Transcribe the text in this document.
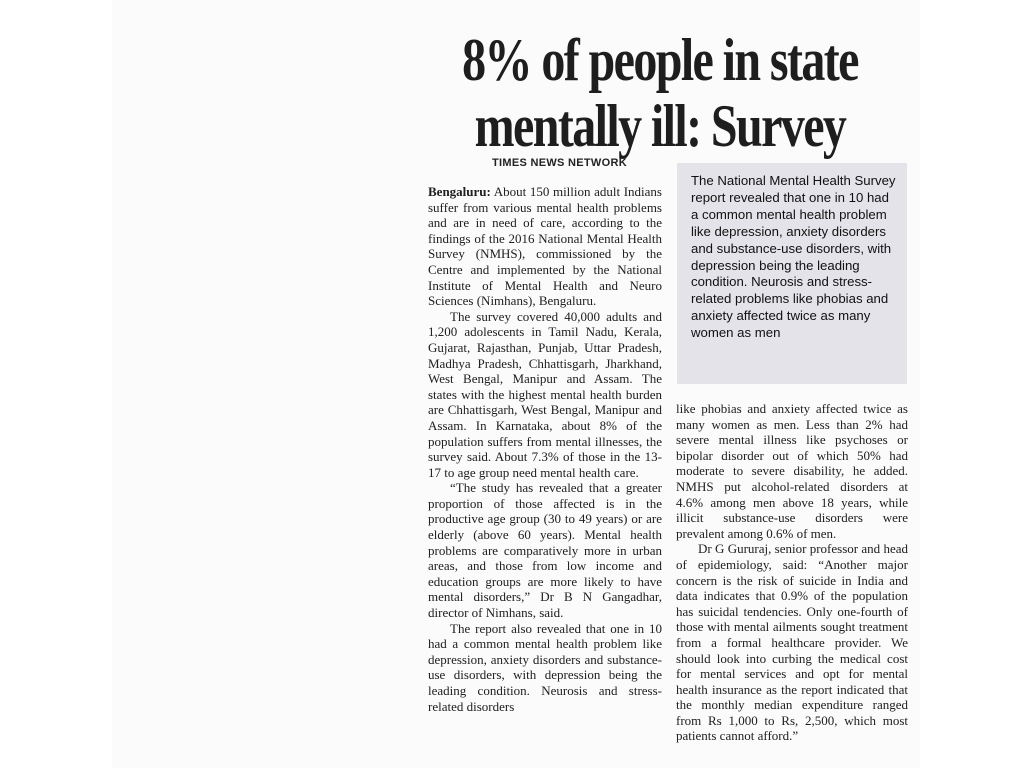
8% of people in state
mentally ill: Survey
TIMES NEWS NETWORK

Bengaluru: About 150 million adult Indians suffer from various mental health problems and are in need of care, according to the findings of the 2016 National Mental Health Survey (NMHS), commissioned by the Centre and implemented by the National Institute of Mental Health and Neuro Sciences (Nimhans), Bengaluru.

The survey covered 40,000 adults and 1,200 adolescents in Tamil Nadu, Kerala, Gujarat, Rajasthan, Punjab, Uttar Pradesh, Madhya Pradesh, Chhattisgarh, Jharkhand, West Bengal, Manipur and Assam. The states with the highest mental health burden are Chhattisgarh, West Bengal, Manipur and Assam. In Karnataka, about 8% of the population suffers from mental illnesses, the survey said. About 7.3% of those in the 13-17 to age group need mental health care.

“The study has revealed that a greater proportion of those affected is in the productive age group (30 to 49 years) or are elderly (above 60 years). Mental health problems are comparatively more in urban areas, and those from low income and education groups are more likely to have mental disorders,” Dr B N Gangadhar, director of Nimhans, said.

The report also revealed that one in 10 had a common mental health problem like depression, anxiety disorders and substance-use disorders, with depression being the leading condition. Neurosis and stress-related disorders

The National Mental Health Survey report revealed that one in 10 had a common mental health problem like depression, anxiety disorders and substance-use disorders, with depression being the leading condition. Neurosis and stress-related problems like phobias and anxiety affected twice as many women as men

like phobias and anxiety affected twice as many women as men. Less than 2% had severe mental illness like psychoses or bipolar disorder out of which 50% had moderate to severe disability, he added. NMHS put alcohol-related disorders at 4.6% among men above 18 years, while illicit substance-use disorders were prevalent among 0.6% of men.

Dr G Gururaj, senior professor and head of epidemiology, said: “Another major concern is the risk of suicide in India and data indicates that 0.9% of the population has suicidal tendencies. Only one-fourth of those with mental ailments sought treatment from a formal healthcare provider. We should look into curbing the medical cost for mental services and opt for mental health insurance as the report indicated that the monthly median expenditure ranged from Rs 1,000 to Rs, 2,500, which most patients cannot afford.”
